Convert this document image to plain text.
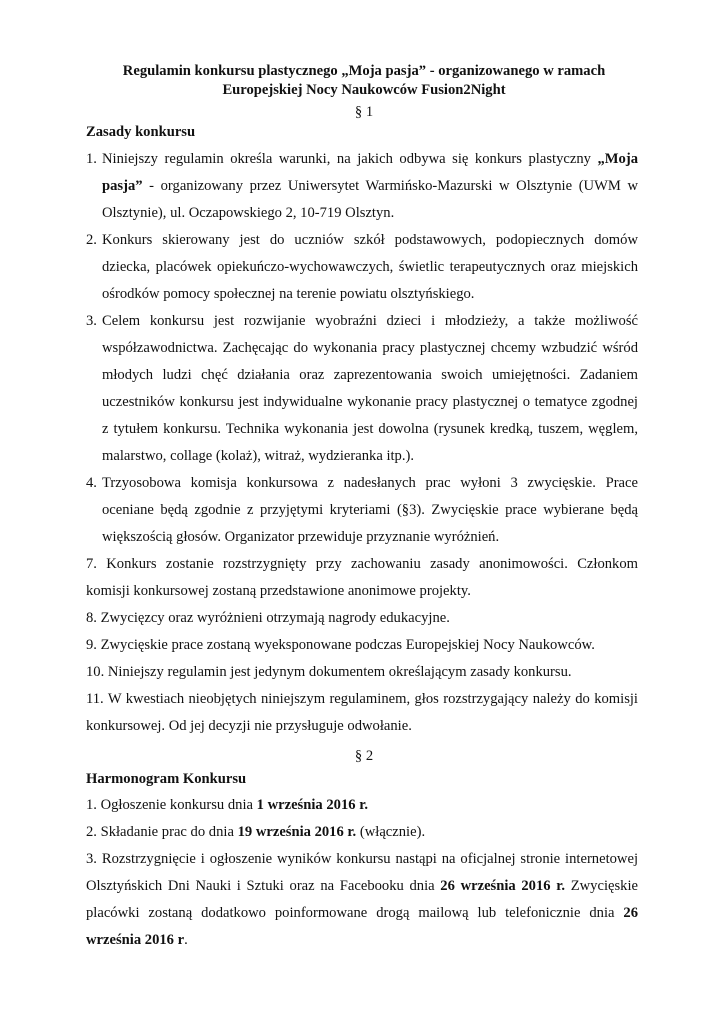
Regulamin konkursu plastycznego „Moja pasja” - organizowanego w ramach
Europejskiej Nocy Naukowców Fusion2Night
§ 1
Zasady konkursu
1. Niniejszy regulamin określa warunki, na jakich odbywa się konkurs plastyczny „Moja pasja” - organizowany przez Uniwersytet Warmińsko-Mazurski w Olsztynie (UWM w Olsztynie), ul. Oczapowskiego 2, 10-719 Olsztyn.
2. Konkurs skierowany jest do uczniów szkół podstawowych, podopiecznych domów dziecka, placówek opiekuńczo-wychowawczych, świetlic terapeutycznych oraz miejskich ośrodków pomocy społecznej na terenie powiatu olsztyńskiego.
3. Celem konkursu jest rozwijanie wyobraźni dzieci i młodzieży, a także możliwość współzawodnictwa. Zachęcając do wykonania pracy plastycznej chcemy wzbudzić wśród młodych ludzi chęć działania oraz zaprezentowania swoich umiejętności. Zadaniem uczestników konkursu jest indywidualne wykonanie pracy plastycznej o tematyce zgodnej z tytułem konkursu. Technika wykonania jest dowolna (rysunek kredką, tuszem, węglem, malarstwo, collage (kolaż), witraż, wydzieranka itp.).
4. Trzyosobowa komisja konkursowa z nadesłanych prac wyłoni 3 zwycięskie. Prace oceniane będą zgodnie z przyjętymi kryteriami (§3). Zwycięskie prace wybierane będą większością głosów. Organizator przewiduje przyznanie wyróżnień.
7. Konkurs zostanie rozstrzygnięty przy zachowaniu zasady anonimowości. Członkom komisji konkursowej zostaną przedstawione anonimowe projekty.
8. Zwycięzcy oraz wyróżnieni otrzymają nagrody edukacyjne.
9. Zwycięskie prace zostaną wyeksponowane podczas Europejskiej Nocy Naukowców.
10. Niniejszy regulamin jest jedynym dokumentem określającym zasady konkursu.
11. W kwestiach nieobjętych niniejszym regulaminem, głos rozstrzygający należy do komisji konkursowej. Od jej decyzji nie przysługuje odwołanie.
§ 2
Harmonogram Konkursu
1. Ogłoszenie konkursu dnia 1 września 2016 r.
2. Składanie prac do dnia 19 września 2016 r. (włącznie).
3. Rozstrzygnięcie i ogłoszenie wyników konkursu nastąpi na oficjalnej stronie internetowej Olsztyńskich Dni Nauki i Sztuki oraz na Facebooku dnia 26 września 2016 r. Zwycięskie placówki zostaną dodatkowo poinformowane drogą mailową lub telefonicznie dnia 26 września 2016 r.
